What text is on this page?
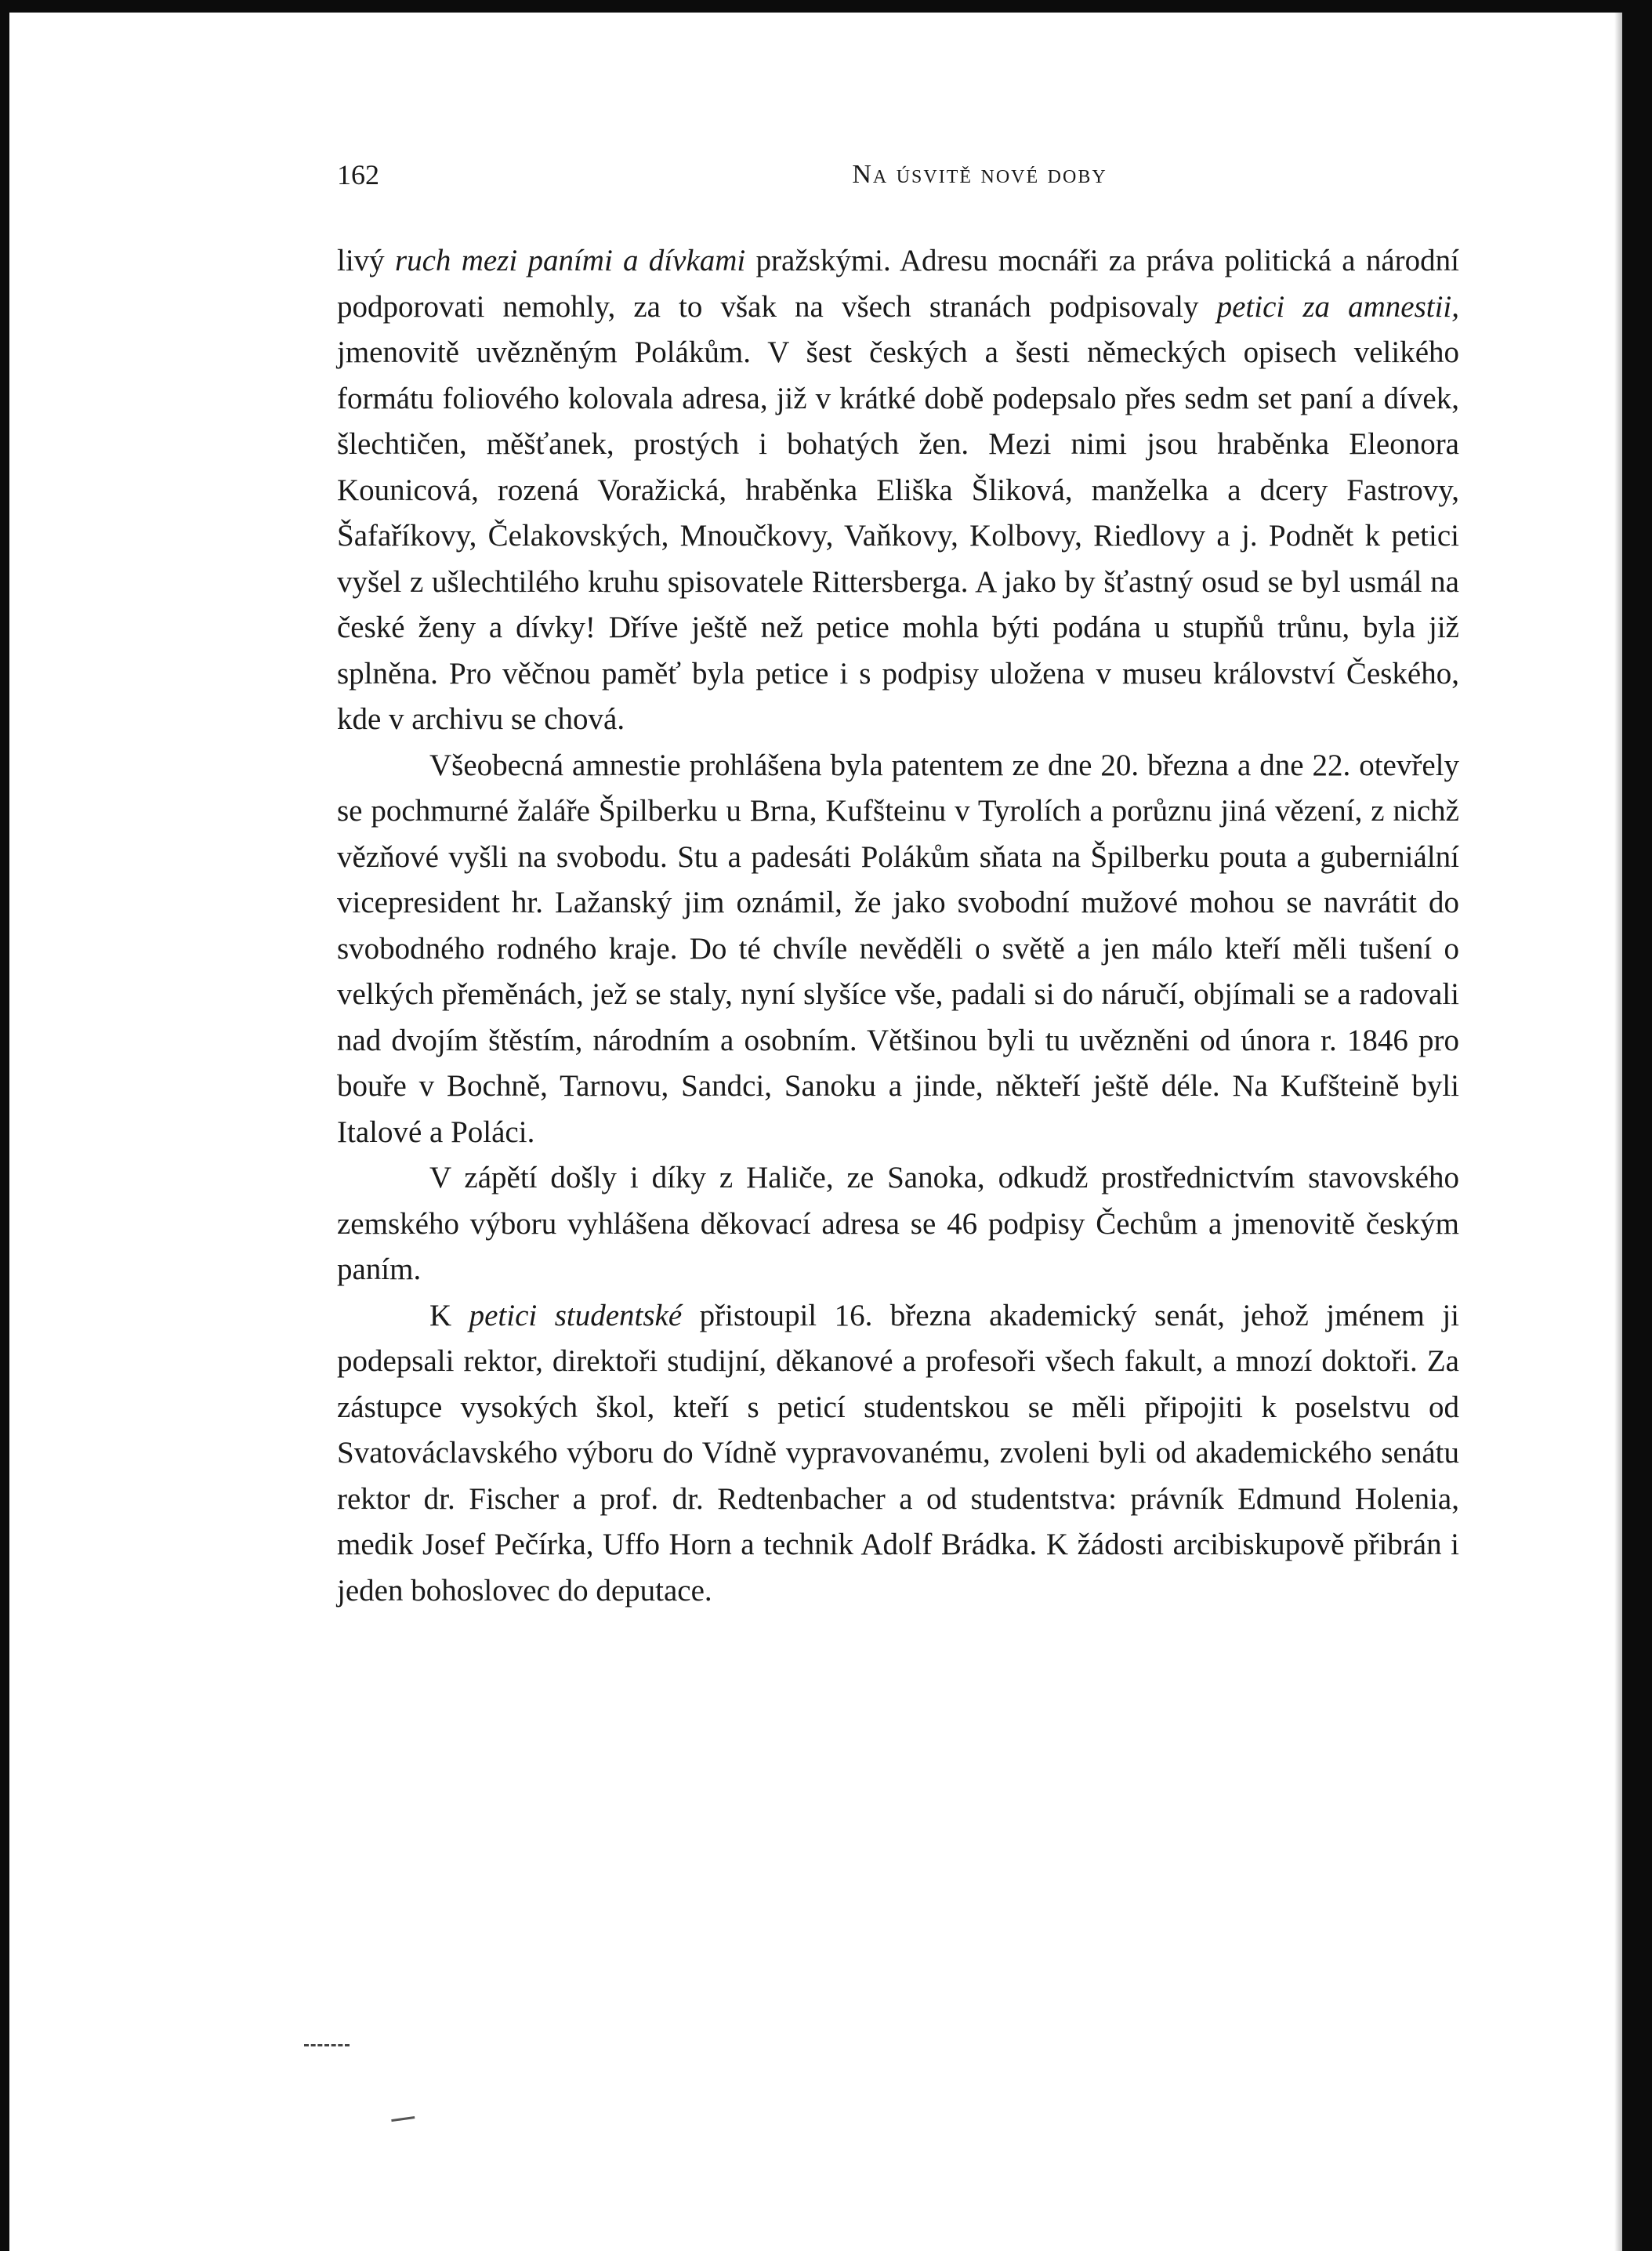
162	Na úsvitě nové doby

livý ruch mezi paními a dívkami pražskými. Adresu mocnáři za práva politická a národní podporovati nemohly, za to však na všech stranách podpisovaly petici za amnestii, jmenovitě uvězněným Polákům. V šest českých a šesti německých opisech velikého formátu foliového kolovala adresa, již v krátké době podepsalo přes sedm set paní a dívek, šlechtičen, měšťanek, prostých i bohatých žen. Mezi nimi jsou hraběnka Eleonora Kounicová, rozená Voražická, hraběnka Eliška Šliková, manželka a dcery Fastrovy, Šafaříkovy, Čelakovských, Mnoučkovy, Vaňkovy, Kolbovy, Riedlovy a j. Podnět k petici vyšel z ušlechtilého kruhu spisovatele Rittersberga. A jako by šťastný osud se byl usmál na české ženy a dívky! Dříve ještě než petice mohla býti podána u stupňů trůnu, byla již splněna. Pro věčnou paměť byla petice i s podpisy uložena v museu království Českého, kde v archivu se chová.

Všeobecná amnestie prohlášena byla patentem ze dne 20. března a dne 22. otevřely se pochmurné žaláře Špilberku u Brna, Kufšteinu v Tyrolích a porůznu jiná vězení, z nichž vězňové vyšli na svobodu. Stu a padesáti Polákům sňata na Špilberku pouta a guberniální vicepresident hr. Lažanský jim oznámil, že jako svobodní mužové mohou se navrátit do svobodného rodného kraje. Do té chvíle nevěděli o světě a jen málo kteří měli tušení o velkých přeměnách, jež se staly, nyní slyšíce vše, padali si do náručí, objímali se a radovali nad dvojím štěstím, národním a osobním. Většinou byli tu uvězněni od února r. 1846 pro bouře v Bochně, Tarnovu, Sandci, Sanoku a jinde, někteří ještě déle. Na Kufšteině byli Italové a Poláci.

V zápětí došly i díky z Haliče, ze Sanoka, odkudž prostřednictvím stavovského zemského výboru vyhlášena děkovací adresa se 46 podpisy Čechům a jmenovitě českým paním.

K petici studentské přistoupil 16. března akademický senát, jehož jménem ji podepsali rektor, direktoři studijní, děkanové a profesoři všech fakult, a mnozí doktoři. Za zástupce vysokých škol, kteří s peticí studentskou se měli připojiti k poselstvu od Svatováclavského výboru do Vídně vypravovanému, zvoleni byli od akademického senátu rektor dr. Fischer a prof. dr. Redtenbacher a od studentstva: právník Edmund Holenia, medik Josef Pečírka, Uffo Horn a technik Adolf Brádka. K žádosti arcibiskupově přibrán i jeden bohoslovec do deputace.
